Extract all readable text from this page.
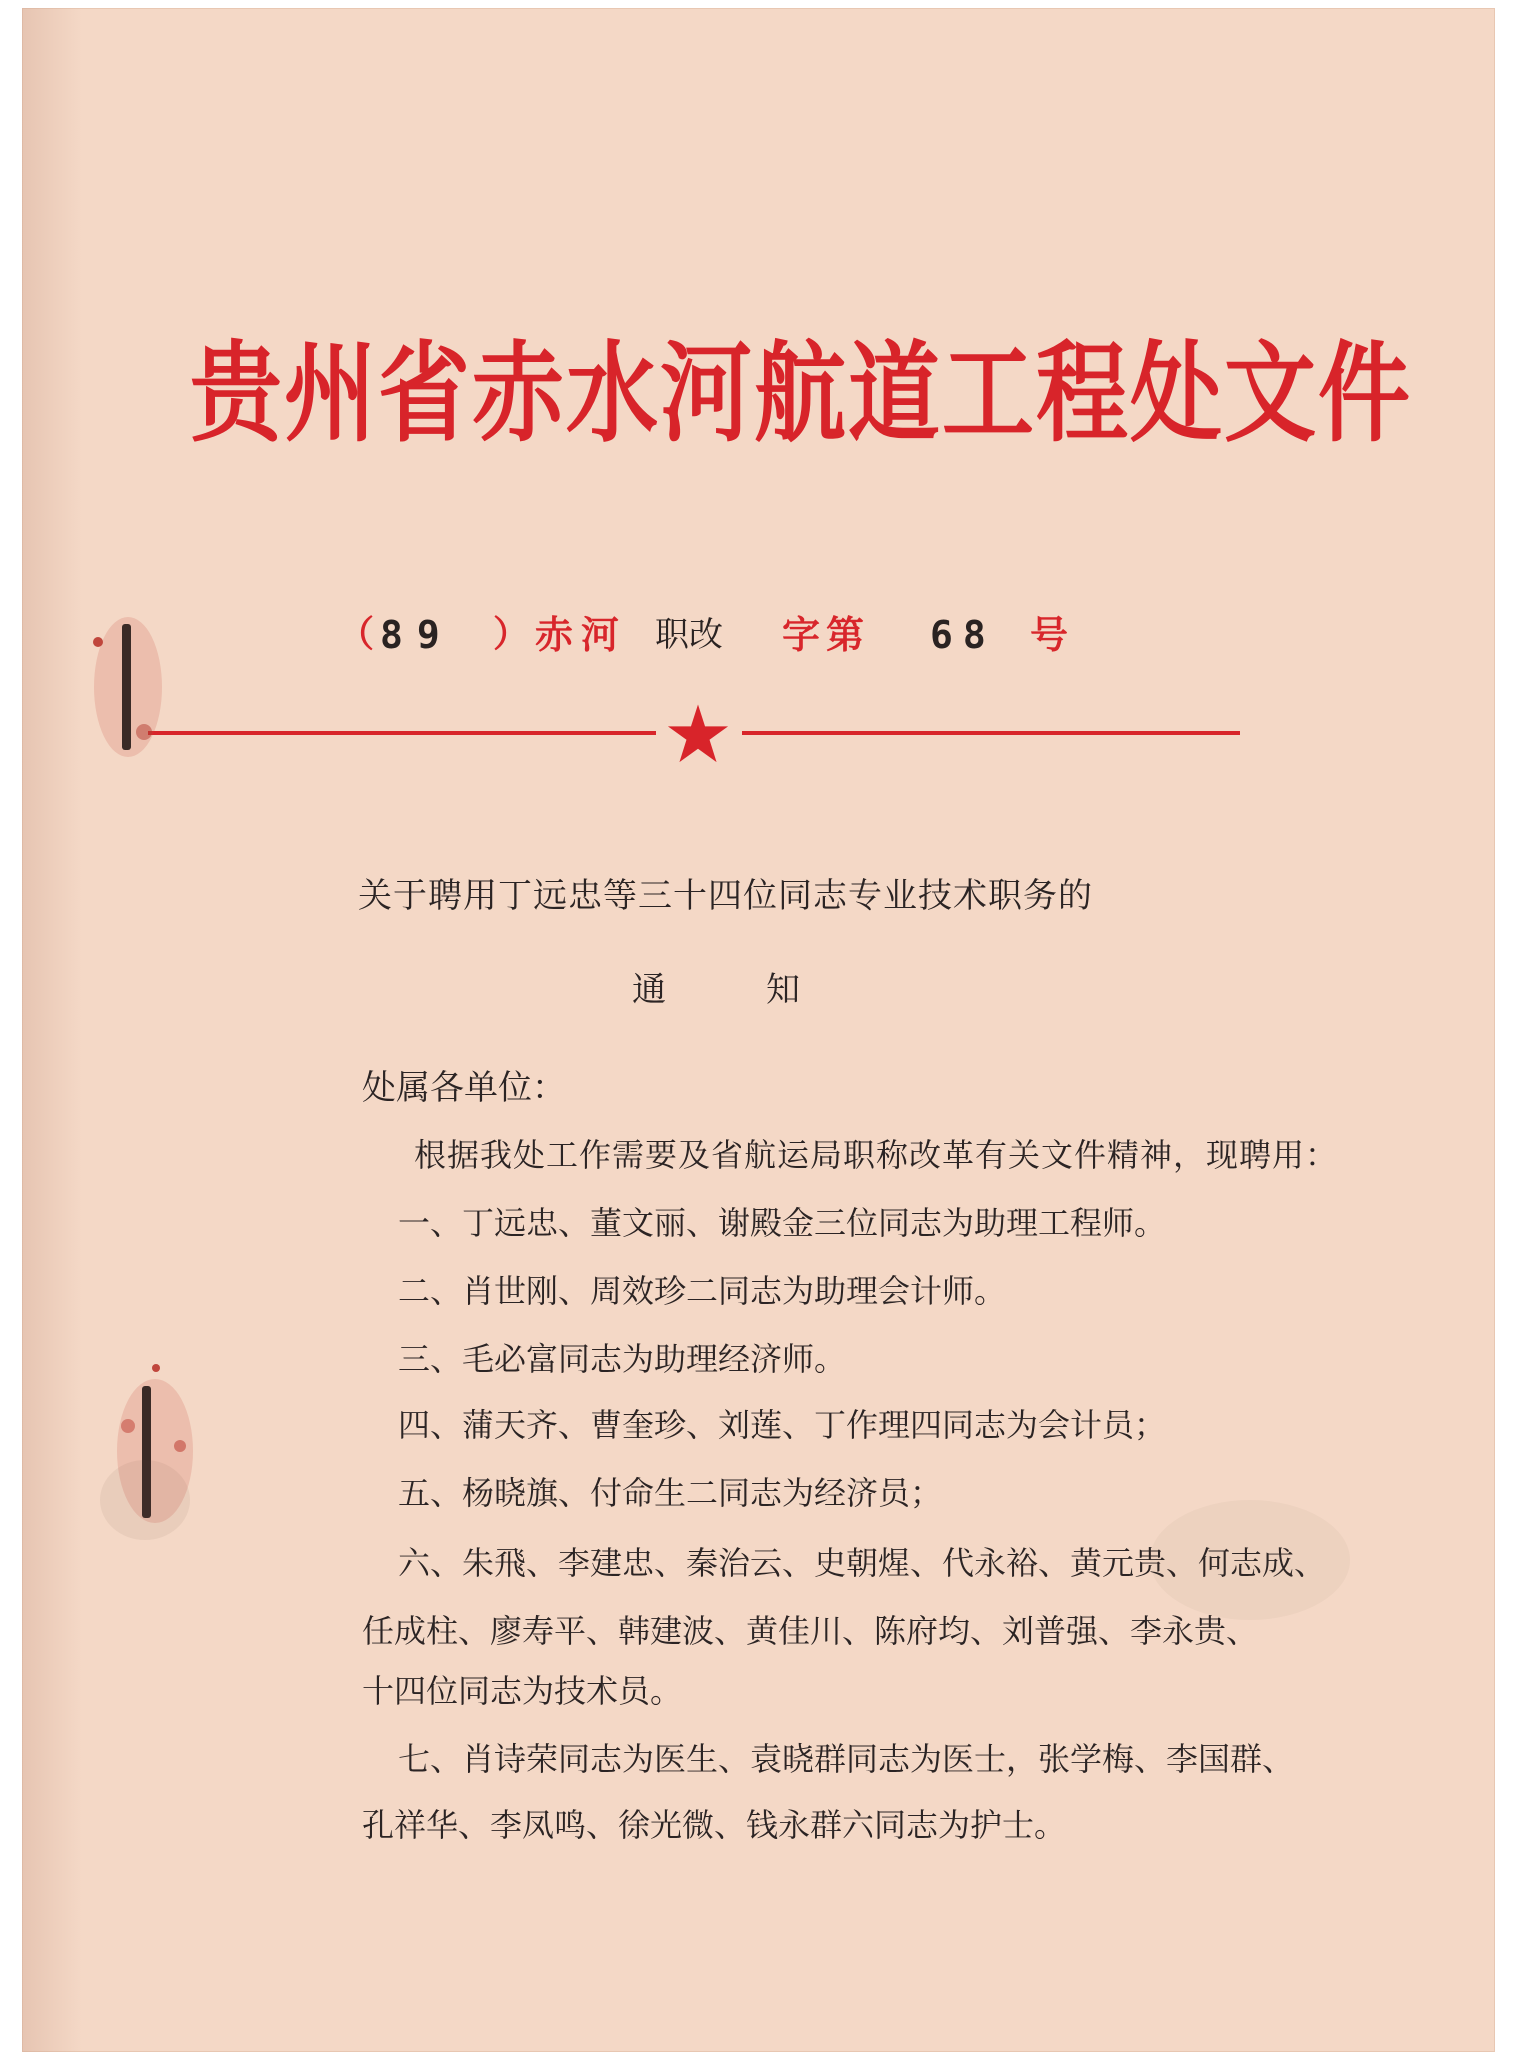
贵州省赤水河航道工程处文件
（ 89 ） 赤河 职改 字第 68 号

关于聘用丁远忠等三十四位同志专业技术职务的

通知

处属各单位：

根据我处工作需要及省航运局职称改革有关文件精神，现聘用：

一、丁远忠、董文丽、谢殿金三位同志为助理工程师。

二、肖世刚、周效珍二同志为助理会计师。

三、毛必富同志为助理经济师。

四、蒲天齐、曹奎珍、刘莲、丁作理四同志为会计员；

五、杨晓旗、付命生二同志为经济员；

六、朱飛、李建忠、秦治云、史朝煋、代永裕、黄元贵、何志成、

任成柱、廖寿平、韩建波、黄佳川、陈府均、刘普强、李永贵、

十四位同志为技术员。

七、肖诗荣同志为医生、袁晓群同志为医士，张学梅、李国群、

孔祥华、李凤鸣、徐光微、钱永群六同志为护士。
